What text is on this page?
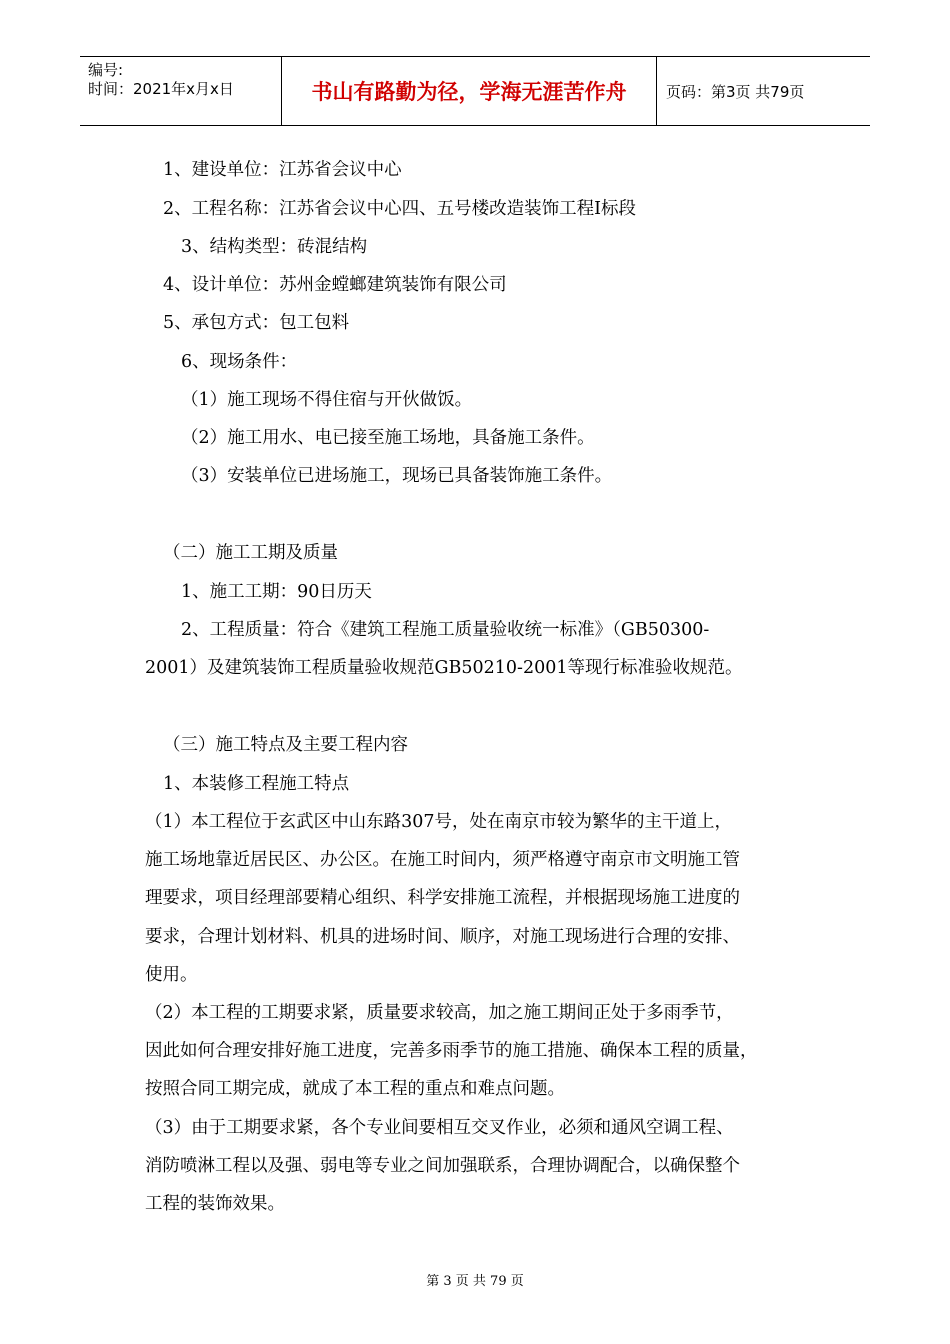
编号:
时间：2021年x月x日	书山有路勤为径，学海无涯苦作舟	页码：第3页 共79页
1、建设单位：江苏省会议中心
2、工程名称：江苏省会议中心四、五号楼改造装饰工程Ⅰ标段
3、结构类型：砖混结构
4、设计单位：苏州金螳螂建筑装饰有限公司
5、承包方式：包工包料
6、现场条件：
（1）施工现场不得住宿与开伙做饭。
（2）施工用水、电已接至施工场地，具备施工条件。
（3）安装单位已进场施工，现场已具备装饰施工条件。
（二）施工工期及质量
1、施工工期：90日历天
2、工程质量：符合《建筑工程施工质量验收统一标准》（GB50300-
2001）及建筑装饰工程质量验收规范GB50210-2001等现行标准验收规范。
（三）施工特点及主要工程内容
1、本装修工程施工特点
（1）本工程位于玄武区中山东路307号，处在南京市较为繁华的主干道上，
施工场地靠近居民区、办公区。在施工时间内，须严格遵守南京市文明施工管
理要求，项目经理部要精心组织、科学安排施工流程，并根据现场施工进度的
要求，合理计划材料、机具的进场时间、顺序，对施工现场进行合理的安排、
使用。
（2）本工程的工期要求紧，质量要求较高，加之施工期间正处于多雨季节，
因此如何合理安排好施工进度，完善多雨季节的施工措施、确保本工程的质量，
按照合同工期完成，就成了本工程的重点和难点问题。
（3）由于工期要求紧，各个专业间要相互交叉作业，必须和通风空调工程、
消防喷淋工程以及强、弱电等专业之间加强联系，合理协调配合，以确保整个
工程的装饰效果。
第 3 页 共 79 页
